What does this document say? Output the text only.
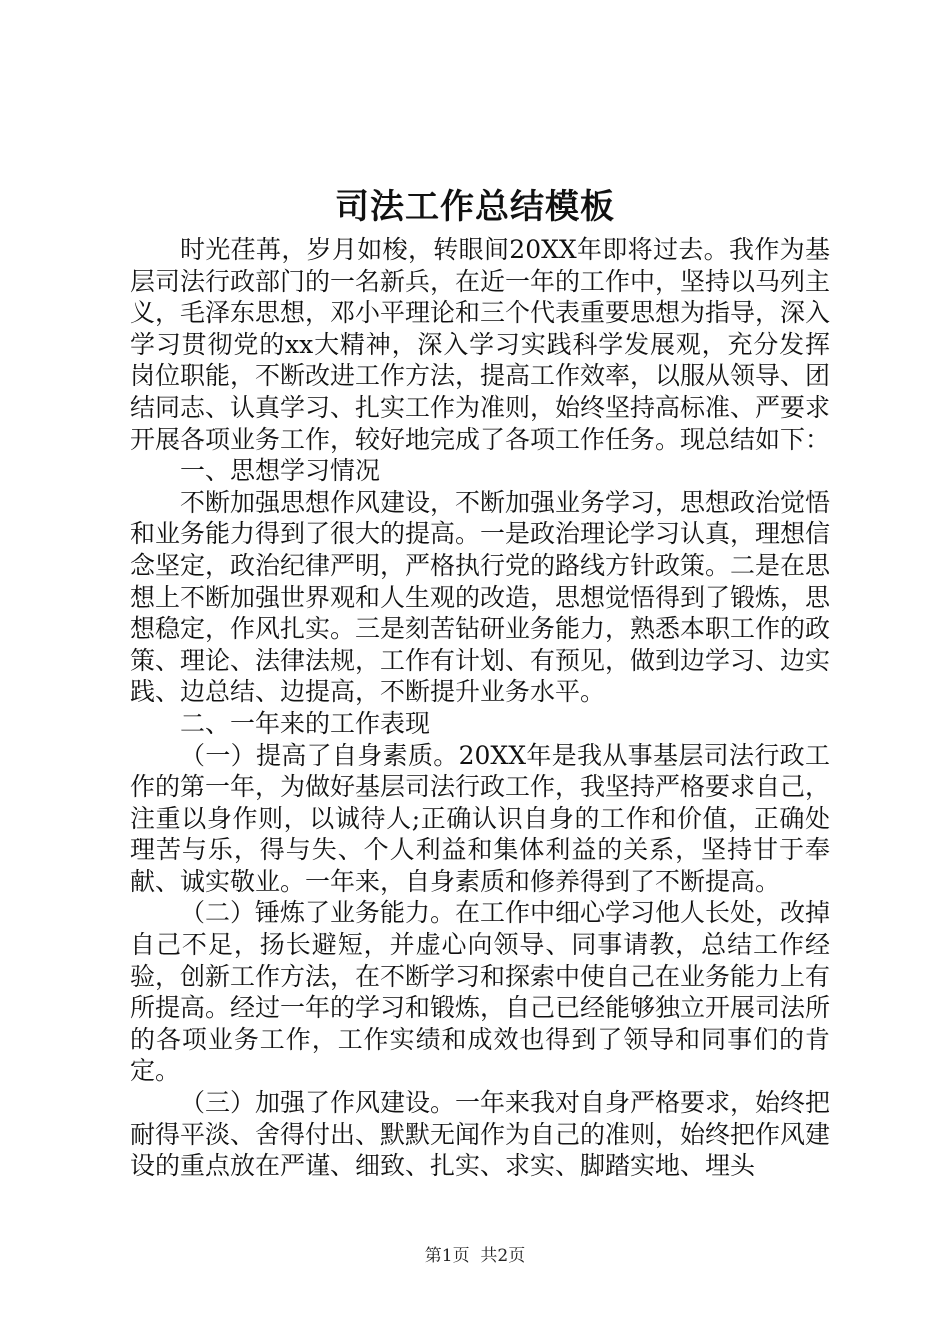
司法工作总结模板

时光荏苒，岁月如梭，转眼间20XX年即将过去。我作为基层司法行政部门的一名新兵，在近一年的工作中，坚持以马列主义，毛泽东思想，邓小平理论和三个代表重要思想为指导，深入学习贯彻党的xx大精神，深入学习实践科学发展观，充分发挥岗位职能，不断改进工作方法，提高工作效率，以服从领导、团结同志、认真学习、扎实工作为准则，始终坚持高标准、严要求开展各项业务工作，较好地完成了各项工作任务。现总结如下：

一、思想学习情况

不断加强思想作风建设，不断加强业务学习，思想政治觉悟和业务能力得到了很大的提高。一是政治理论学习认真，理想信念坚定，政治纪律严明，严格执行党的路线方针政策。二是在思想上不断加强世界观和人生观的改造，思想觉悟得到了锻炼，思想稳定，作风扎实。三是刻苦钻研业务能力，熟悉本职工作的政策、理论、法律法规，工作有计划、有预见，做到边学习、边实践、边总结、边提高，不断提升业务水平。

二、一年来的工作表现

（一）提高了自身素质。20XX年是我从事基层司法行政工作的第一年，为做好基层司法行政工作，我坚持严格要求自己，注重以身作则，以诚待人;正确认识自身的工作和价值，正确处理苦与乐，得与失、个人利益和集体利益的关系，坚持甘于奉献、诚实敬业。一年来，自身素质和修养得到了不断提高。

（二）锤炼了业务能力。在工作中细心学习他人长处，改掉自己不足，扬长避短，并虚心向领导、同事请教，总结工作经验，创新工作方法，在不断学习和探索中使自己在业务能力上有所提高。经过一年的学习和锻炼，自己已经能够独立开展司法所的各项业务工作，工作实绩和成效也得到了领导和同事们的肯定。

（三）加强了作风建设。一年来我对自身严格要求，始终把耐得平淡、舍得付出、默默无闻作为自己的准则，始终把作风建设的重点放在严谨、细致、扎实、求实、脚踏实地、埋头

第1页 共2页
